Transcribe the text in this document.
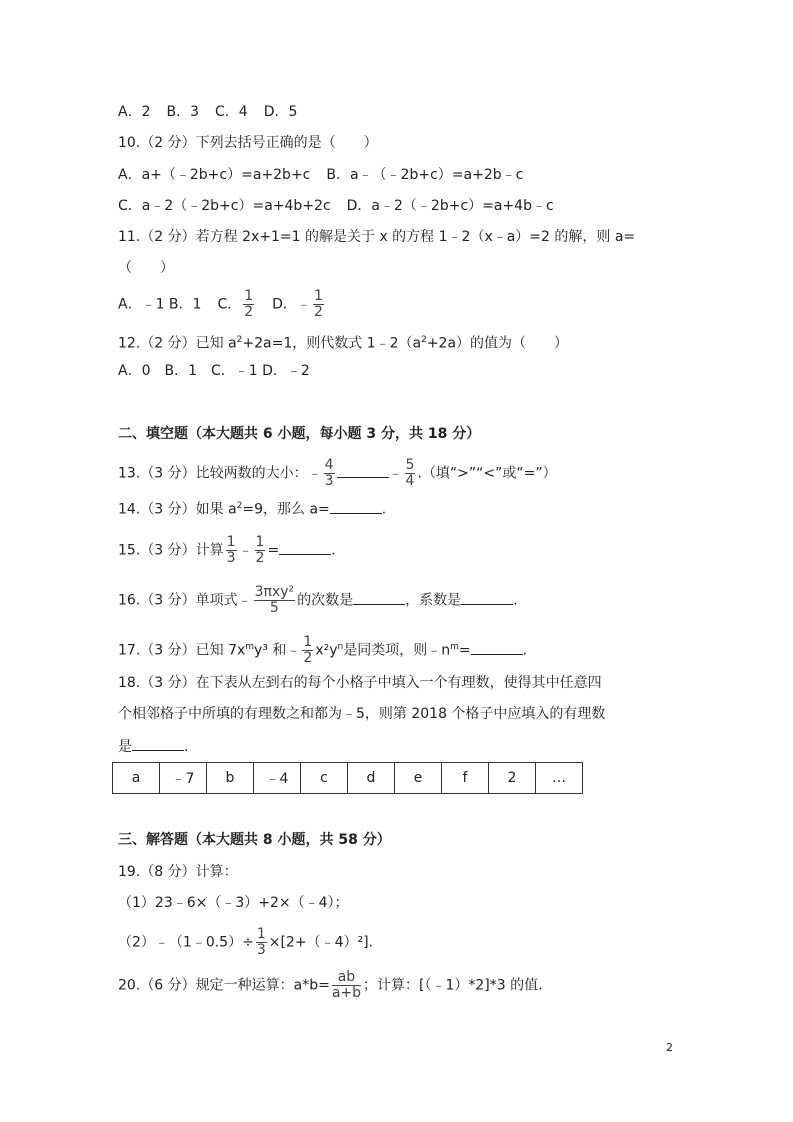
A．2 B．3 C．4 D．5
10.（2 分）下列去括号正确的是（　　）
A．a+（﹣2b+c）=a+2b+c B．a﹣（﹣2b+c）=a+2b﹣c
C．a﹣2（﹣2b+c）=a+4b+2c D．a﹣2（﹣2b+c）=a+4b﹣c
11.（2 分）若方程 2x+1=1 的解是关于 x 的方程 1﹣2（x﹣a）=2 的解，则 a=
（　　）
A．﹣1 B．1 C． $\frac{1}{2}$ D．﹣ $\frac{1}{2}$
12.（2 分）已知 $a^2+2a=1$，则代数式 $1﹣2(a^2+2a)$的值为（　　）
A．0　B．1　C．﹣1 D．﹣2
二、填空题（本大题共 6 小题，每小题 3 分，共 18 分）
13.（3 分）比较两数的大小：﹣ $\frac{4}{3}$	﹣ $\frac{5}{4}$ .（填“>”“<”或“=”）
14.（3 分）如果 $a^2=9$，那么 a=	.
15.（3 分）计算 $\frac{1}{3}$ ﹣ $\frac{1}{2}$ =	.
16.（3 分）单项式﹣ $\frac{\text{3πxy²}}{5}$ 的次数是	，系数是	.
17.（3 分）已知 $7x^my^3$ 和﹣ $\frac{1}{2} x^2y^n$是同类项，则$﹣n^m=$	.
18.（3 分）在下表从左到右的每个小格子中填入一个有理数，使得其中任意四
个相邻格子中所填的有理数之和都为﹣5，则第 2018 个格子中应填入的有理数
是	.
a	﹣7	b	﹣4	c	d	e	f	2	…
三、解答题（本大题共 8 小题，共 58 分）
19.（8 分）计算：
（1）23﹣6×（﹣3）+2×（﹣4）；
（2）﹣（1﹣0.5）÷ $\frac{1}{3}$ ×[2+（﹣4）²].
20.（6 分）规定一种运算：$a*b= \frac{ab}{a+b}$ ；计算：[（﹣1）*2]*3 的值.
2
